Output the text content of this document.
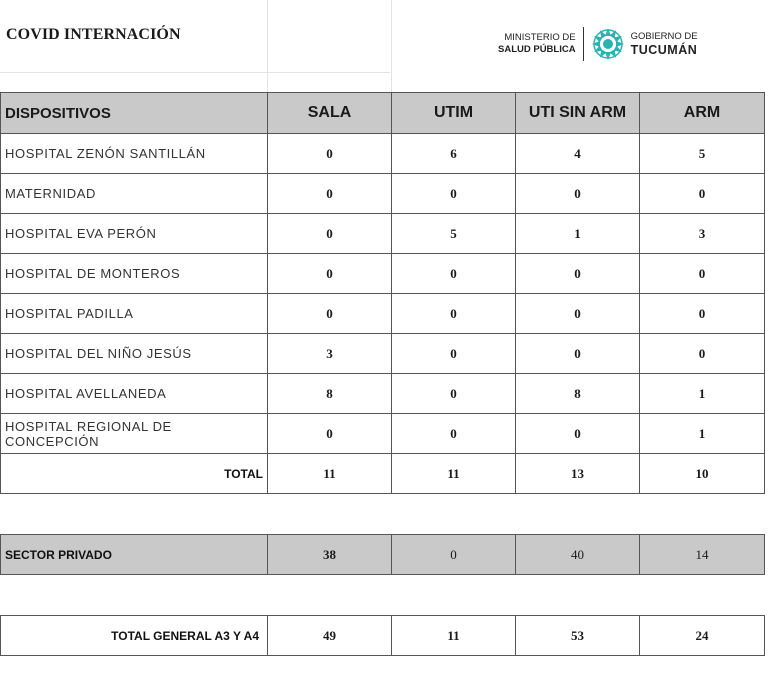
COVID INTERNACIÓN	MINISTERIO DE
SALUD PÚBLICA
GOBIERNO DE
TUCUMÁN
DISPOSITIVOS	SALA	UTIM	UTI SIN ARM	ARM
HOSPITAL ZENÓN SANTILLÁN	0	6	4	5
MATERNIDAD	0	0	0	0
HOSPITAL EVA PERÓN	0	5	1	3
HOSPITAL DE MONTEROS	0	0	0	0
HOSPITAL PADILLA	0	0	0	0
HOSPITAL DEL NIÑO JESÚS	3	0	0	0
HOSPITAL AVELLANEDA	8	0	8	1
HOSPITAL REGIONAL DE CONCEPCIÓN	0	0	0	1
TOTAL	11	11	13	10

SECTOR PRIVADO	38	0	40	14

TOTAL GENERAL A3 Y A4	49	11	53	24
